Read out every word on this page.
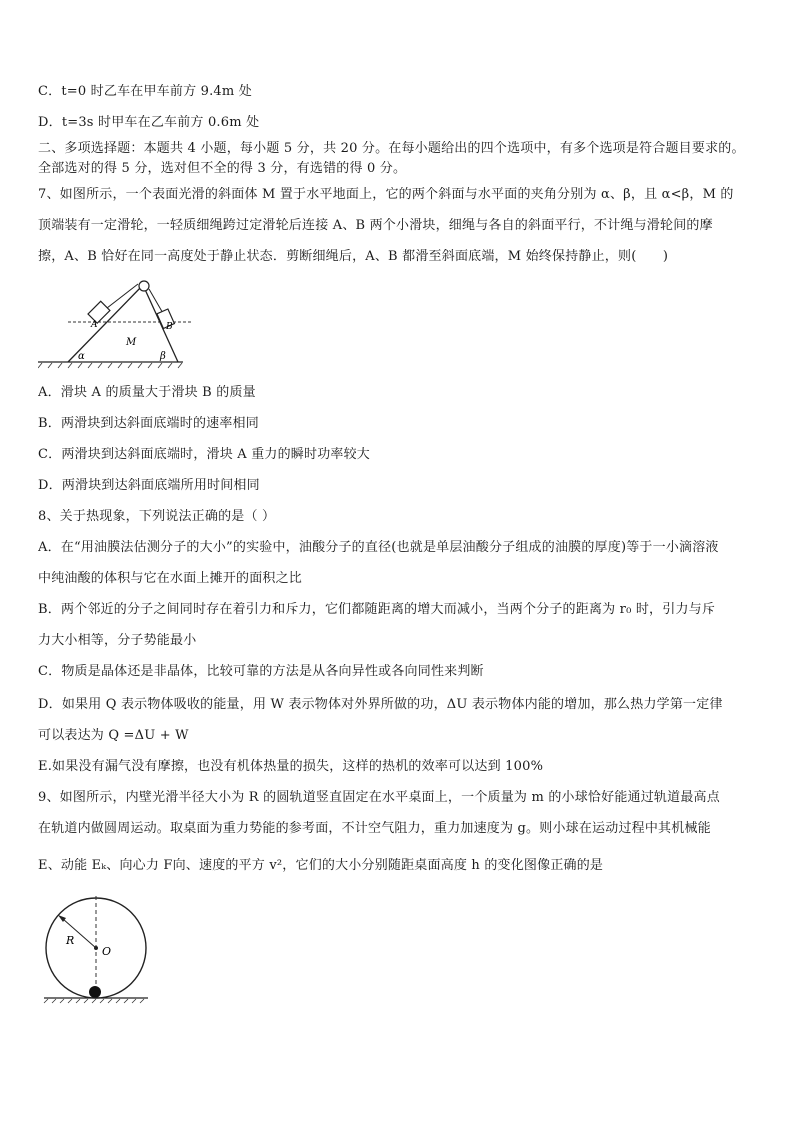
C．t=0 时乙车在甲车前方 9.4m 处
D．t=3s 时甲车在乙车前方 0.6m 处
二、多项选择题：本题共 4 小题，每小题 5 分，共 20 分。在每小题给出的四个选项中，有多个选项是符合题目要求的。
全部选对的得 5 分，选对但不全的得 3 分，有选错的得 0 分。
7、如图所示，一个表面光滑的斜面体 M 置于水平地面上，它的两个斜面与水平面的夹角分别为 α、β，且 α<β，M 的
顶端装有一定滑轮，一轻质细绳跨过定滑轮后连接 A、B 两个小滑块，细绳与各自的斜面平行，不计绳与滑轮间的摩
擦，A、B 恰好在同一高度处于静止状态．剪断细绳后，A、B 都滑至斜面底端，M 始终保持静止，则(　　)
A	B
M
α	β
A．滑块 A 的质量大于滑块 B 的质量
B．两滑块到达斜面底端时的速率相同
C．两滑块到达斜面底端时，滑块 A 重力的瞬时功率较大
D．两滑块到达斜面底端所用时间相同
8、关于热现象，下列说法正确的是（ ）
A．在“用油膜法估测分子的大小”的实验中，油酸分子的直径(也就是单层油酸分子组成的油膜的厚度)等于一小滴溶液
中纯油酸的体积与它在水面上摊开的面积之比
B．两个邻近的分子之间同时存在着引力和斥力，它们都随距离的增大而减小，当两个分子的距离为 r₀ 时，引力与斥
力大小相等，分子势能最小
C．物质是晶体还是非晶体，比较可靠的方法是从各向异性或各向同性来判断
D．如果用 Q 表示物体吸收的能量，用 W 表示物体对外界所做的功，ΔU 表示物体内能的增加，那么热力学第一定律
可以表达为 Q =ΔU + W
E.如果没有漏气没有摩擦，也没有机体热量的损失，这样的热机的效率可以达到 100%
9、如图所示，内壁光滑半径大小为 R 的圆轨道竖直固定在水平桌面上，一个质量为 m 的小球恰好能通过轨道最高点
在轨道内做圆周运动。取桌面为重力势能的参考面，不计空气阻力，重力加速度为 g。则小球在运动过程中其机械能
E、动能 Eₖ、向心力 F向、速度的平方 v²，它们的大小分别随距桌面高度 h 的变化图像正确的是
R
O
